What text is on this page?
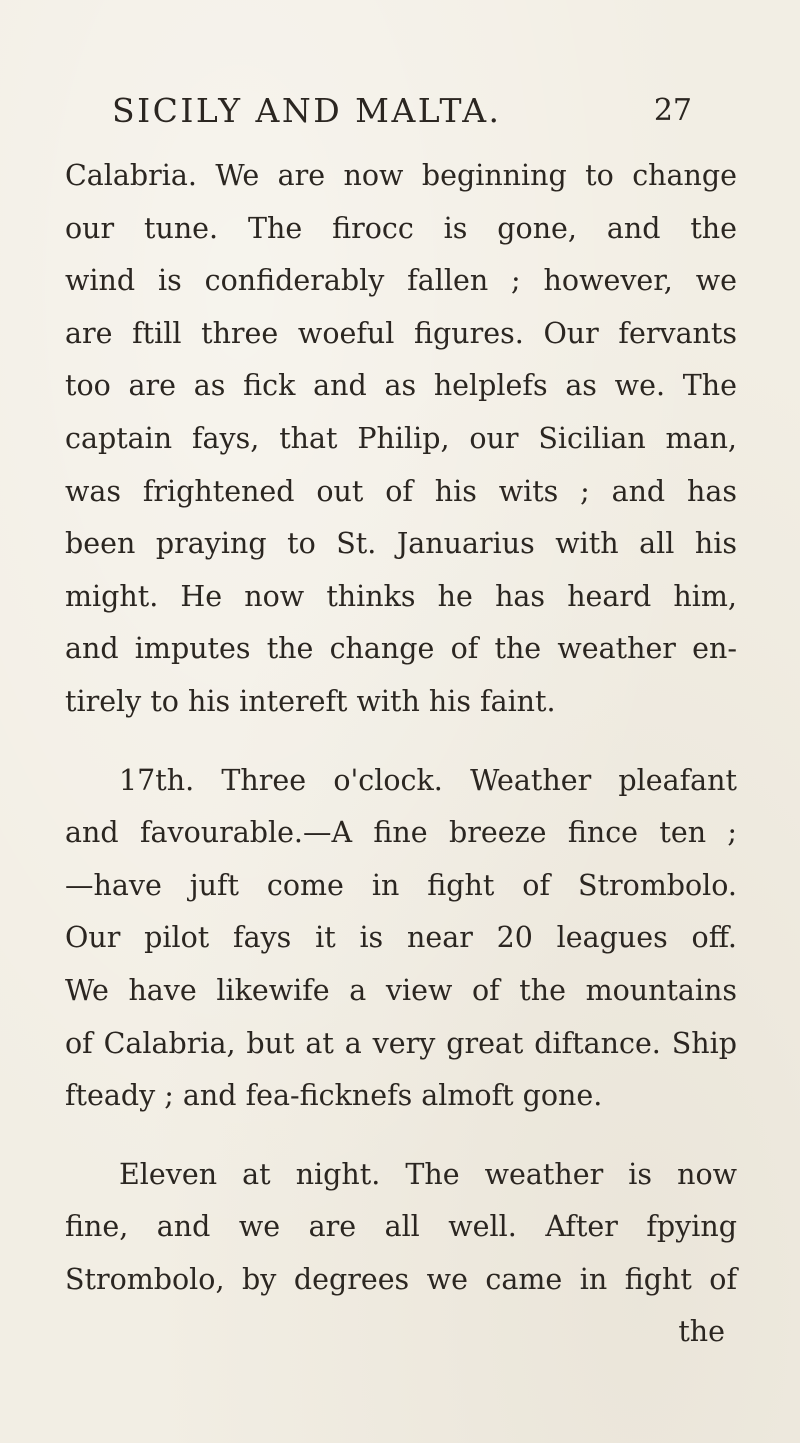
SICILY AND MALTA.	27
Calabria. We are now beginning to change
our tune. The firocc is gone, and the
wind is confiderably fallen ; however, we
are ftill three woeful figures. Our fervants
too are as fick and as helplefs as we. The
captain fays, that Philip, our Sicilian man,
was frightened out of his wits ; and has
been praying to St. Januarius with all his
might. He now thinks he has heard him,
and imputes the change of the weather en-
tirely to his intereft with his faint.
17th. Three o'clock. Weather pleafant
and favourable.—A fine breeze fince ten ;
—have juft come in fight of Strombolo.
Our pilot fays it is near 20 leagues off.
We have likewife a view of the mountains
of Calabria, but at a very great diftance. Ship
fteady ; and fea-ficknefs almoft gone.
Eleven at night. The weather is now
fine, and we are all well. After fpying
Strombolo, by degrees we came in fight of
the
